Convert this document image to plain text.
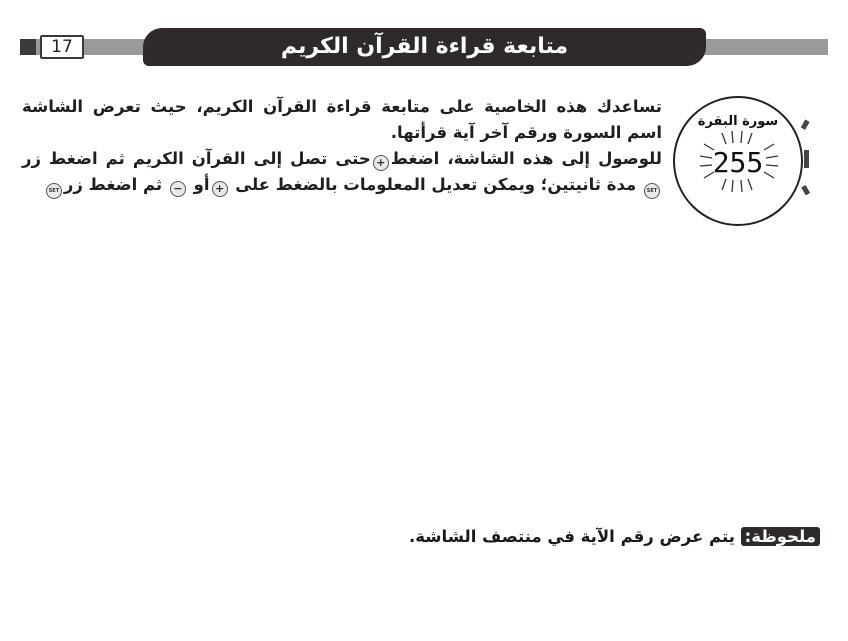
17	متابعة قراءة القرآن الكريم

تساعدك هذه الخاصية على متابعة قراءة القرآن الكريم، حيث تعرض الشاشة اسم السورة ورقم آخر آية قرأتها.

للوصول إلى هذه الشاشة، اضغط+حتى تصل إلى القرآن الكريم ثم اضغط زر SET مدة ثانيتين؛ ويمكن تعديل المعلومات بالضغط على +أو − ثم اضغط زرSET

سورة البقرة
255
ملحوظة: يتم عرض رقم الآية في منتصف الشاشة.
